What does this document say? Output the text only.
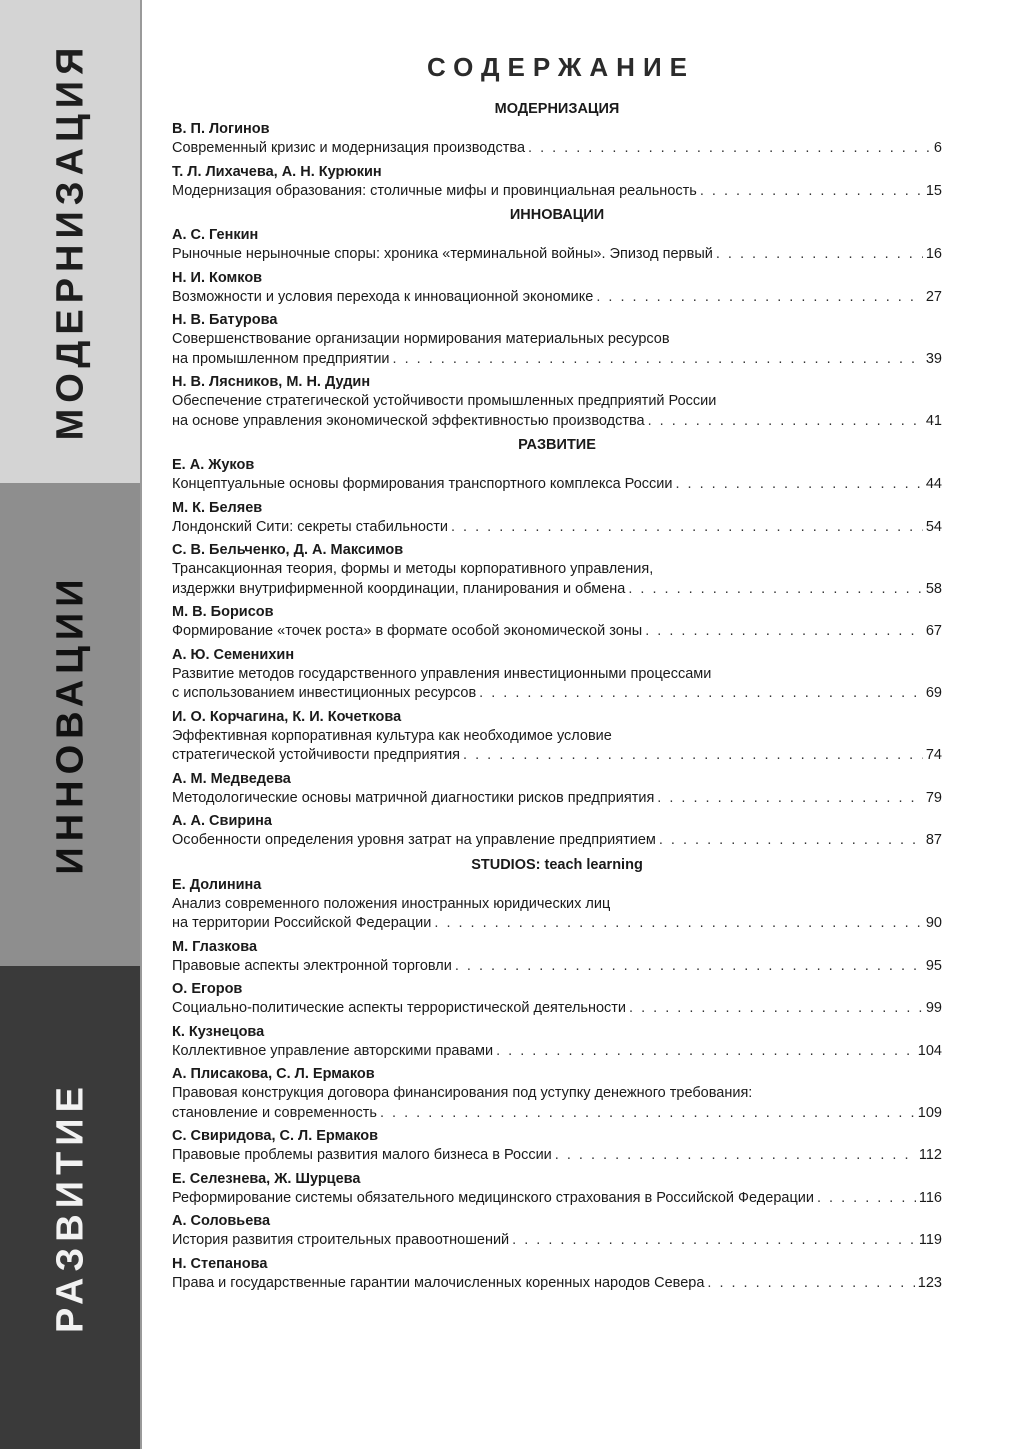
МОДЕРНИЗАЦИЯ
ИННОВАЦИИ
РАЗВИТИЕ
СОДЕРЖАНИЕ
МОДЕРНИЗАЦИЯ
В. П. Логинов
Современный кризис и модернизация производства . . .	6
Т. Л. Лихачева, А. Н. Курюкин
Модернизация образования: столичные мифы и провинциальная реальность . . .	15
ИННОВАЦИИ
А. С. Генкин
Рыночные нерыночные споры: хроника «терминальной войны». Эпизод первый . . .	16
Н. И. Комков
Возможности и условия перехода к инновационной экономике . . .	27
Н. В. Батурова
Совершенствование организации нормирования материальных ресурсов
на промышленном предприятии . . .	39
Н. В. Лясников, М. Н. Дудин
Обеспечение стратегической устойчивости промышленных предприятий России
на основе управления экономической эффективностью производства . . .	41
РАЗВИТИЕ
Е. А. Жуков
Концептуальные основы формирования транспортного комплекса России . . .	44
М. К. Беляев
Лондонский Сити: секреты стабильности . . .	54
С. В. Бельченко, Д. А. Максимов
Трансакционная теория, формы и методы корпоративного управления,
издержки внутрифирменной координации, планирования и обмена . . .	58
М. В. Борисов
Формирование «точек роста» в формате особой экономической зоны . . .	67
А. Ю. Семенихин
Развитие методов государственного управления инвестиционными процессами
с использованием инвестиционных ресурсов . . .	69
И. О. Корчагина, К. И. Кочеткова
Эффективная корпоративная культура как необходимое условие
стратегической устойчивости предприятия . . .	74
А. М. Медведева
Методологические основы матричной диагностики рисков предприятия . . .	79
А. А. Свирина
Особенности определения уровня затрат на управление предприятием . . .	87
STUDIOS: teach learning
Е. Долинина
Анализ современного положения иностранных юридических лиц
на территории Российской Федерации . . .	90
М. Глазкова
Правовые аспекты электронной торговли . . .	95
О. Егоров
Социально-политические аспекты террористической деятельности . . .	99
К. Кузнецова
Коллективное управление авторскими правами . . .	104
А. Плисакова, С. Л. Ермаков
Правовая конструкция договора финансирования под уступку денежного требования:
становление и современность . . .	109
С. Свиридова, С. Л. Ермаков
Правовые проблемы развития малого бизнеса в России . . .	112
Е. Селезнева, Ж. Шурцева
Реформирование системы обязательного медицинского страхования в Российской Федерации . . .	116
А. Соловьева
История развития строительных правоотношений . . .	119
Н. Степанова
Права и государственные гарантии малочисленных коренных народов Севера . . .	123
